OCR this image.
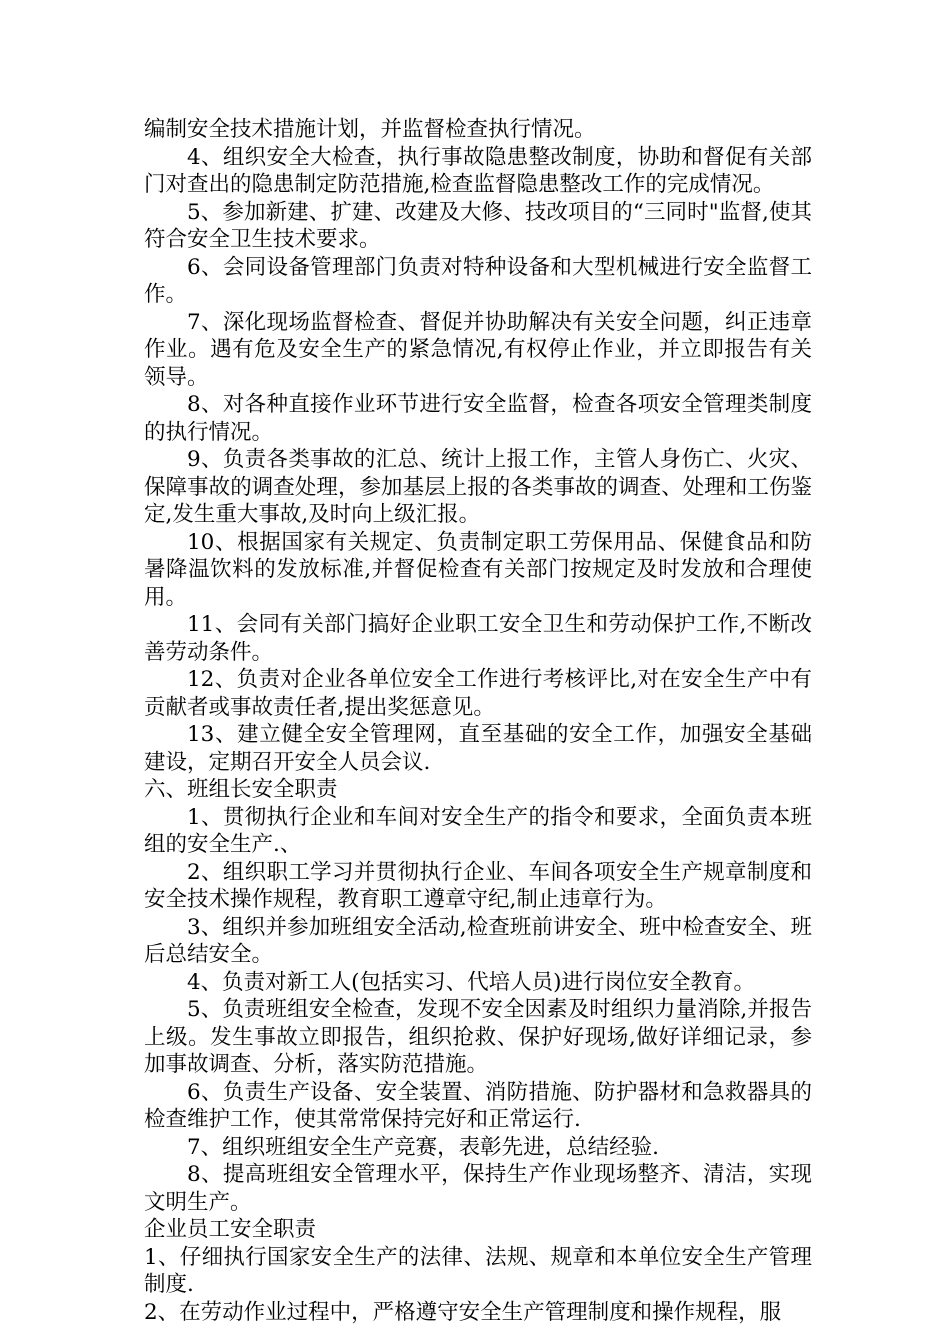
编制安全技术措施计划，并监督检查执行情况。

4、组织安全大检查，执行事故隐患整改制度，协助和督促有关部门对查出的隐患制定防范措施,检查监督隐患整改工作的完成情况。

5、参加新建、扩建、改建及大修、技改项目的“三同时"监督,使其符合安全卫生技术要求。

6、会同设备管理部门负责对特种设备和大型机械进行安全监督工作。

7、深化现场监督检查、督促并协助解决有关安全问题，纠正违章作业。遇有危及安全生产的紧急情况,有权停止作业，并立即报告有关领导。

8、对各种直接作业环节进行安全监督，检查各项安全管理类制度的执行情况。

9、负责各类事故的汇总、统计上报工作，主管人身伤亡、火灾、保障事故的调查处理，参加基层上报的各类事故的调查、处理和工伤鉴定,发生重大事故,及时向上级汇报。

10、根据国家有关规定、负责制定职工劳保用品、保健食品和防暑降温饮料的发放标准,并督促检查有关部门按规定及时发放和合理使用。

11、会同有关部门搞好企业职工安全卫生和劳动保护工作,不断改善劳动条件。

12、负责对企业各单位安全工作进行考核评比,对在安全生产中有贡献者或事故责任者,提出奖惩意见。

13、建立健全安全管理网，直至基础的安全工作，加强安全基础建设，定期召开安全人员会议.

六、班组长安全职责

1、贯彻执行企业和车间对安全生产的指令和要求，全面负责本班组的安全生产.、

2、组织职工学习并贯彻执行企业、车间各项安全生产规章制度和安全技术操作规程，教育职工遵章守纪,制止违章行为。

3、组织并参加班组安全活动,检查班前讲安全、班中检查安全、班后总结安全。

4、负责对新工人(包括实习、代培人员)进行岗位安全教育。

5、负责班组安全检查，发现不安全因素及时组织力量消除,并报告上级。发生事故立即报告，组织抢救、保护好现场,做好详细记录，参加事故调查、分析，落实防范措施。

6、负责生产设备、安全装置、消防措施、防护器材和急救器具的检查维护工作，使其常常保持完好和正常运行.

7、组织班组安全生产竞赛，表彰先进，总结经验.

8、提高班组安全管理水平，保持生产作业现场整齐、清洁，实现文明生产。

企业员工安全职责

1、仔细执行国家安全生产的法律、法规、规章和本单位安全生产管理制度.

2、在劳动作业过程中，严格遵守安全生产管理制度和操作规程，服
